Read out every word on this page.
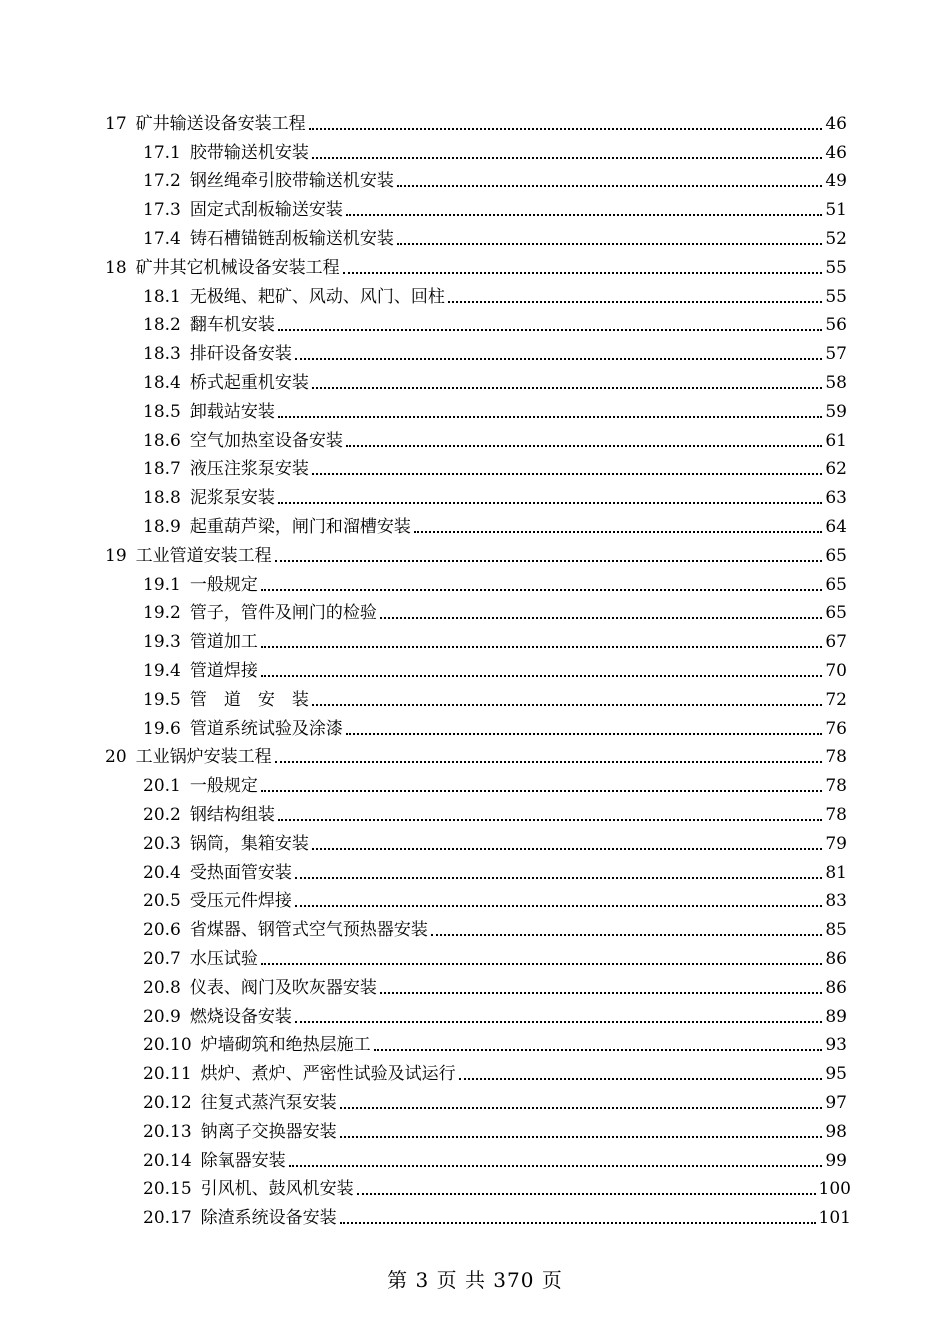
17 矿井输送设备安装工程	46
17.1 胶带输送机安装	46
17.2 钢丝绳牵引胶带输送机安装	49
17.3 固定式刮板输送安装	51
17.4 铸石槽锚链刮板输送机安装	52
18 矿井其它机械设备安装工程	55
18.1 无极绳、耙矿、风动、风门、回柱	55
18.2 翻车机安装	56
18.3 排矸设备安装	57
18.4 桥式起重机安装	58
18.5 卸载站安装	59
18.6 空气加热室设备安装	61
18.7 液压注浆泵安装	62
18.8 泥浆泵安装	63
18.9 起重葫芦梁，闸门和溜槽安装	64
19 工业管道安装工程	65
19.1 一般规定	65
19.2 管子，管件及闸门的检验	65
19.3 管道加工	67
19.4 管道焊接	70
19.5 管　道　安　装	72
19.6 管道系统试验及涂漆	76
20 工业锅炉安装工程	78
20.1 一般规定	78
20.2 钢结构组装	78
20.3 锅筒，集箱安装	79
20.4 受热面管安装	81
20.5 受压元件焊接	83
20.6 省煤器、钢管式空气预热器安装	85
20.7 水压试验	86
20.8 仪表、阀门及吹灰器安装	86
20.9 燃烧设备安装	89
20.10 炉墙砌筑和绝热层施工	93
20.11 烘炉、煮炉、严密性试验及试运行	95
20.12 往复式蒸汽泵安装	97
20.13 钠离子交换器安装	98
20.14 除氧器安装	99
20.15 引风机、鼓风机安装	100
20.17 除渣系统设备安装	101
第 3 页 共 370 页
